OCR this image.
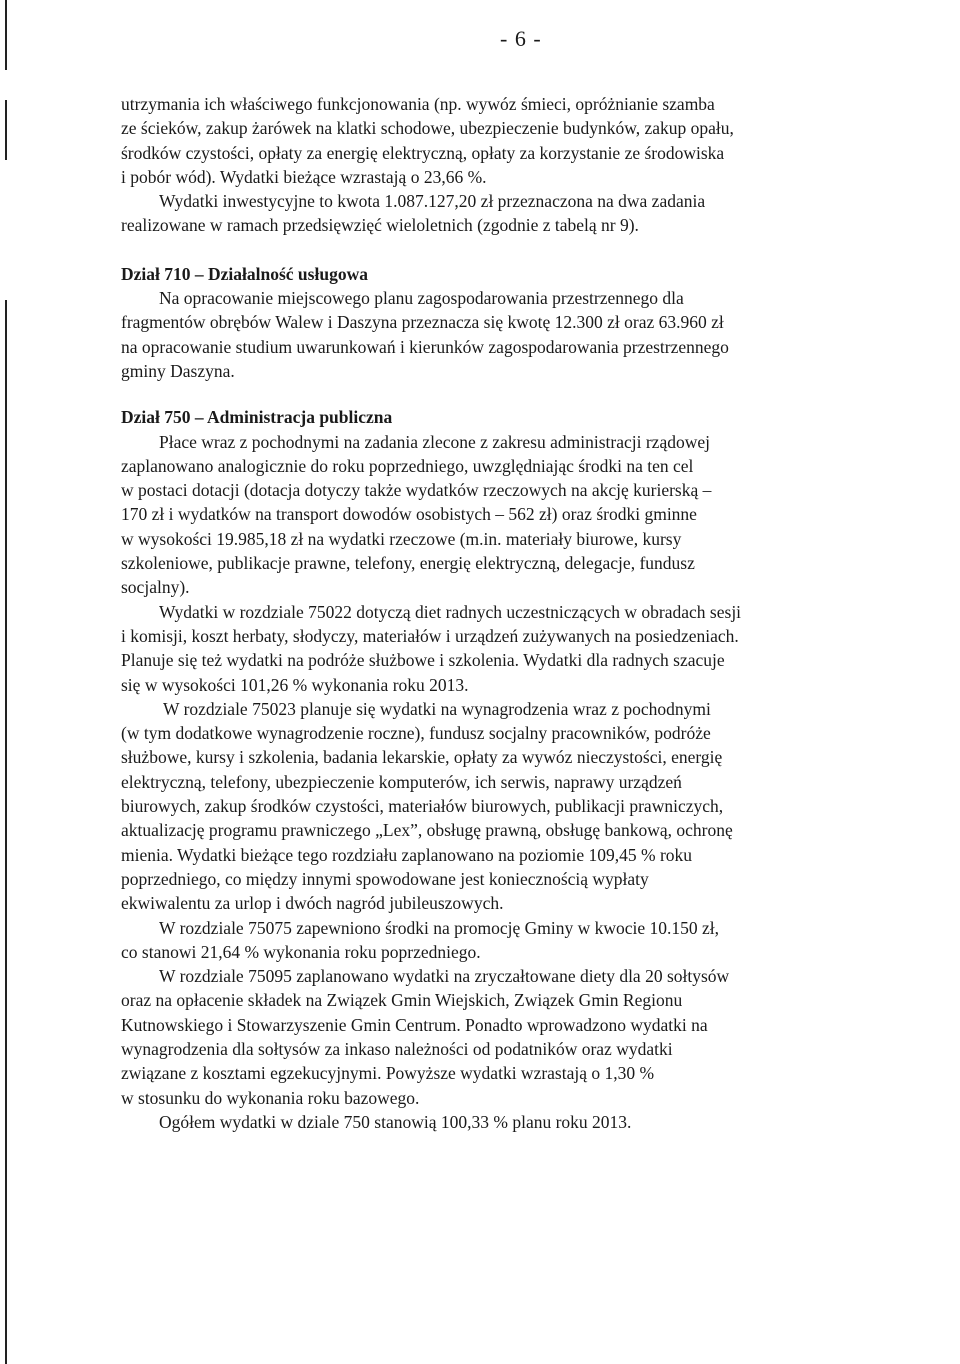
- 6 -

utrzymania ich właściwego funkcjonowania (np. wywóz śmieci, opróżnianie szamba

ze ścieków, zakup żarówek na klatki schodowe, ubezpieczenie budynków, zakup opału,

środków czystości, opłaty za energię elektryczną, opłaty za korzystanie ze środowiska

i pobór wód). Wydatki bieżące wzrastają o 23,66 %.

Wydatki inwestycyjne to kwota 1.087.127,20 zł przeznaczona na dwa zadania

realizowane w ramach przedsięwzięć wieloletnich (zgodnie z tabelą nr 9).

Dział 710 – Działalność usługowa

Na opracowanie miejscowego planu zagospodarowania przestrzennego dla

fragmentów obrębów Walew i Daszyna przeznacza się kwotę 12.300 zł oraz 63.960 zł

na opracowanie studium uwarunkowań i kierunków zagospodarowania przestrzennego

gminy Daszyna.

Dział 750 – Administracja publiczna

Płace wraz z pochodnymi na zadania zlecone z zakresu administracji rządowej

zaplanowano analogicznie do roku poprzedniego, uwzględniając środki na ten cel

w postaci dotacji (dotacja dotyczy także wydatków rzeczowych na akcję kurierską –

170 zł i wydatków na transport dowodów osobistych – 562 zł) oraz środki gminne

w wysokości 19.985,18 zł na wydatki rzeczowe (m.in. materiały biurowe, kursy

szkoleniowe, publikacje prawne, telefony, energię elektryczną, delegacje, fundusz

socjalny).

Wydatki w rozdziale 75022 dotyczą diet radnych uczestniczących w obradach sesji

i komisji, koszt herbaty, słodyczy, materiałów i urządzeń zużywanych na posiedzeniach.

Planuje się też wydatki na podróże służbowe i szkolenia. Wydatki dla radnych szacuje

się w wysokości 101,26 % wykonania roku 2013.

W rozdziale 75023 planuje się wydatki na wynagrodzenia wraz z pochodnymi

(w tym dodatkowe wynagrodzenie roczne), fundusz socjalny pracowników, podróże

służbowe, kursy i szkolenia, badania lekarskie, opłaty za wywóz nieczystości, energię

elektryczną, telefony, ubezpieczenie komputerów, ich serwis, naprawy urządzeń

biurowych, zakup środków czystości, materiałów biurowych, publikacji prawniczych,

aktualizację programu prawniczego „Lex”, obsługę prawną, obsługę bankową, ochronę

mienia. Wydatki bieżące tego rozdziału zaplanowano na poziomie 109,45 % roku

poprzedniego, co między innymi spowodowane jest koniecznością wypłaty

ekwiwalentu za urlop i dwóch nagród jubileuszowych.

W rozdziale 75075 zapewniono środki na promocję Gminy w kwocie 10.150 zł,

co stanowi 21,64 % wykonania roku poprzedniego.

W rozdziale 75095 zaplanowano wydatki na zryczałtowane diety dla 20 sołtysów

oraz na opłacenie składek na Związek Gmin Wiejskich, Związek Gmin Regionu

Kutnowskiego i Stowarzyszenie Gmin Centrum. Ponadto wprowadzono wydatki na

wynagrodzenia dla sołtysów za inkaso należności od podatników oraz wydatki

związane z kosztami egzekucyjnymi. Powyższe wydatki wzrastają o 1,30 %

w stosunku do wykonania roku bazowego.

Ogółem wydatki w dziale 750 stanowią 100,33 % planu roku 2013.
